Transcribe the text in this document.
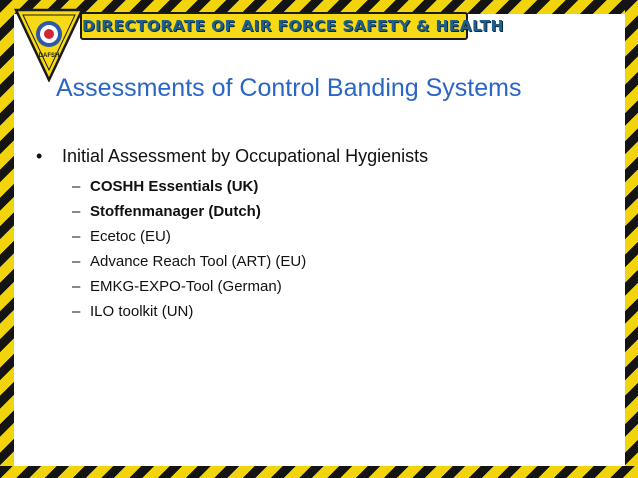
DIRECTORATE OF AIR FORCE SAFETY & HEALTH
DAFSH
Assessments of Control Banding Systems
• Initial Assessment by Occupational Hygienists
– COSHH Essentials (UK)
– Stoffenmanager (Dutch)
– Ecetoc (EU)
– Advance Reach Tool (ART) (EU)
– EMKG-EXPO-Tool (German)
– ILO toolkit (UN)
